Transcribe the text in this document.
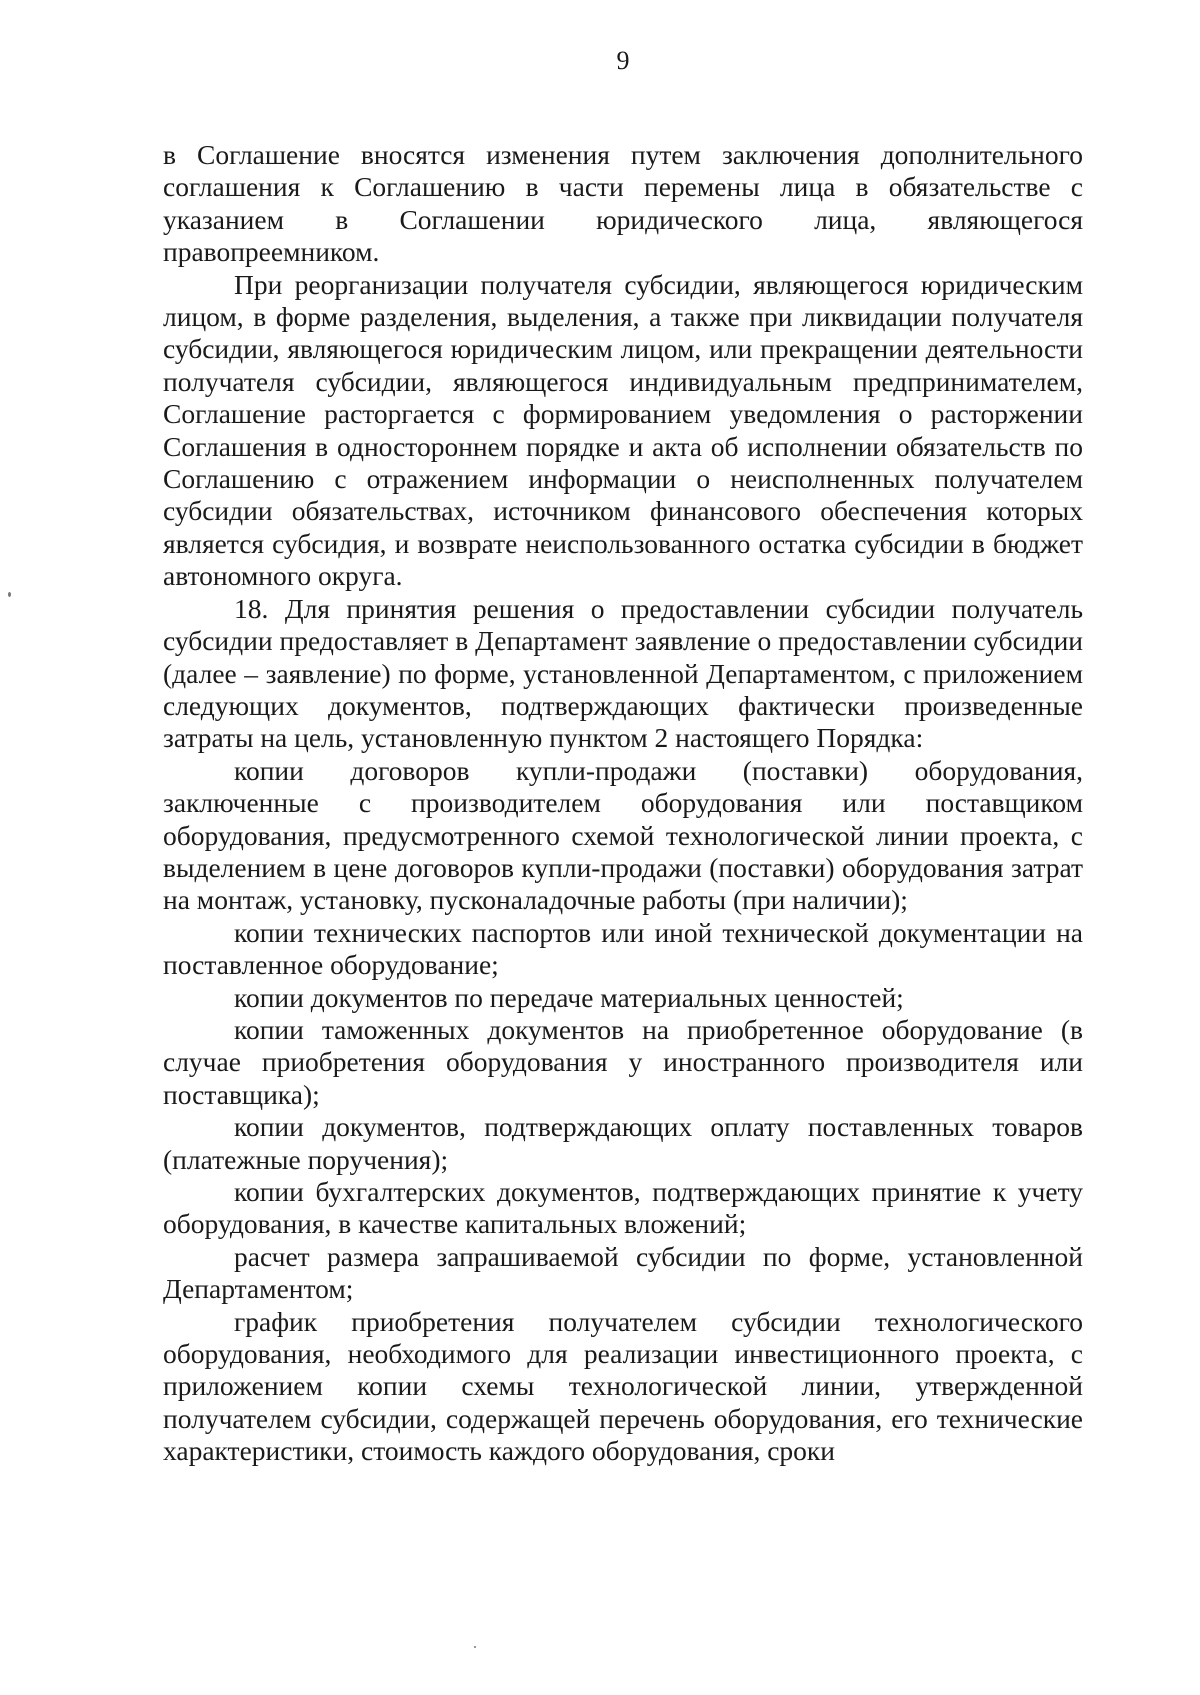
9

в Соглашение вносятся изменения путем заключения дополнительного соглашения к Соглашению в части перемены лица в обязательстве с указанием в Соглашении юридического лица, являющегося правопреемником.

При реорганизации получателя субсидии, являющегося юридическим лицом, в форме разделения, выделения, а также при ликвидации получателя субсидии, являющегося юридическим лицом, или прекращении деятельности получателя субсидии, являющегося индивидуальным предпринимателем, Соглашение расторгается с формированием уведомления о расторжении Соглашения в одностороннем порядке и акта об исполнении обязательств по Соглашению с отражением информации о неисполненных получателем субсидии обязательствах, источником финансового обеспечения которых является субсидия, и возврате неиспользованного остатка субсидии в бюджет автономного округа.

18. Для принятия решения о предоставлении субсидии получатель субсидии предоставляет в Департамент заявление о предоставлении субсидии (далее – заявление) по форме, установленной Департаментом, с приложением следующих документов, подтверждающих фактически произведенные затраты на цель, установленную пунктом 2 настоящего Порядка:

копии договоров купли-продажи (поставки) оборудования, заключенные с производителем оборудования или поставщиком оборудования, предусмотренного схемой технологической линии проекта, с выделением в цене договоров купли-продажи (поставки) оборудования затрат на монтаж, установку, пусконаладочные работы (при наличии);

копии технических паспортов или иной технической документации на поставленное оборудование;

копии документов по передаче материальных ценностей;

копии таможенных документов на приобретенное оборудование (в случае приобретения оборудования у иностранного производителя или поставщика);

копии документов, подтверждающих оплату поставленных товаров (платежные поручения);

копии бухгалтерских документов, подтверждающих принятие к учету оборудования, в качестве капитальных вложений;

расчет размера запрашиваемой субсидии по форме, установленной Департаментом;

график приобретения получателем субсидии технологического оборудования, необходимого для реализации инвестиционного проекта, с приложением копии схемы технологической линии, утвержденной получателем субсидии, содержащей перечень оборудования, его технические характеристики, стоимость каждого оборудования, сроки
